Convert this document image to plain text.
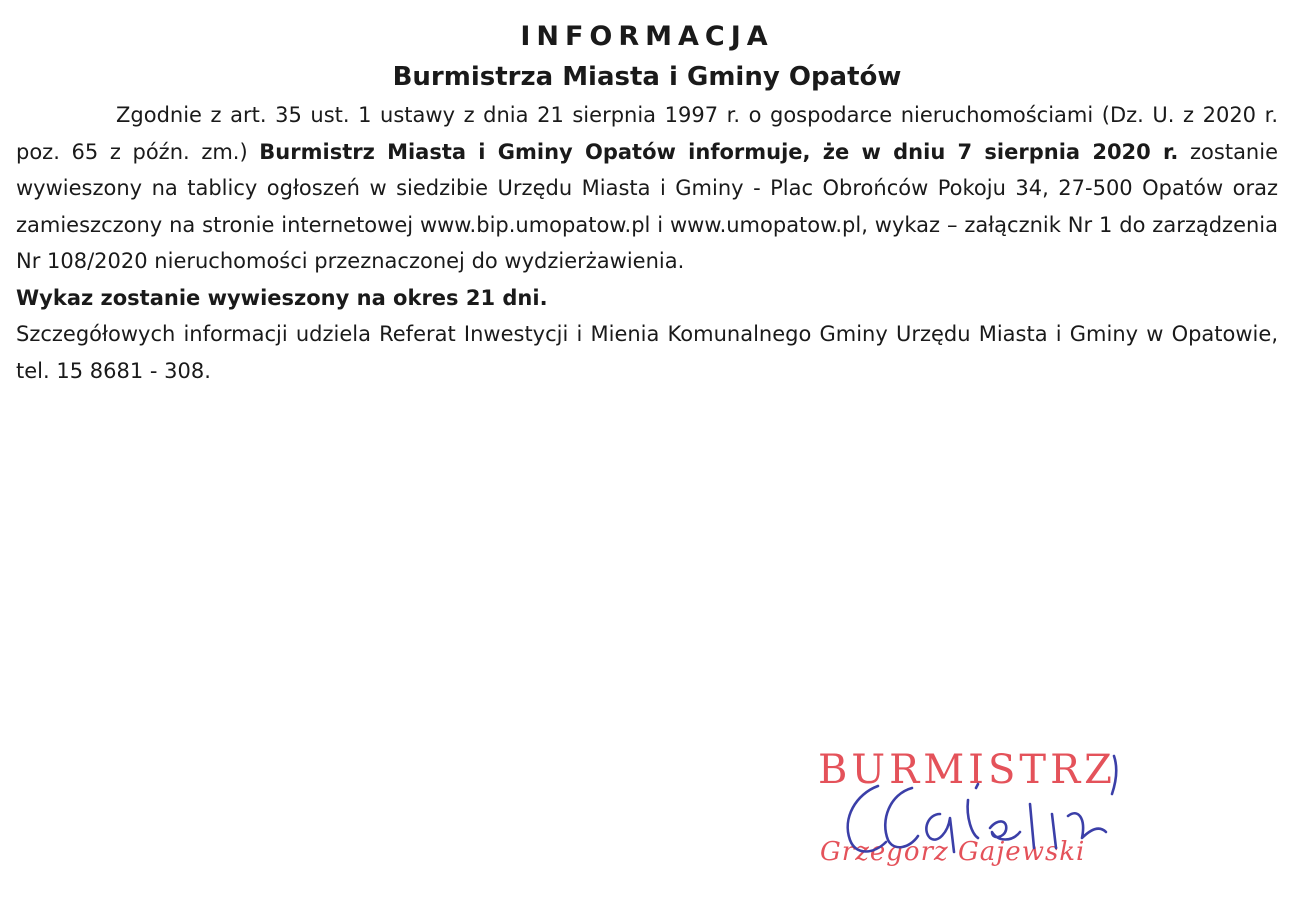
INFORMACJA
Burmistrza Miasta i Gminy Opatów

Zgodnie z art. 35 ust. 1 ustawy z dnia 21 sierpnia 1997 r. o gospodarce nieruchomościami (Dz. U. z 2020 r. poz. 65 z późn. zm.) Burmistrz Miasta i Gminy Opatów informuje, że w dniu 7 sierpnia 2020 r. zostanie wywieszony na tablicy ogłoszeń w siedzibie Urzędu Miasta i Gminy - Plac Obrońców Pokoju 34, 27-500 Opatów oraz zamieszczony na stronie internetowej www.bip.umopatow.pl i www.umopatow.pl, wykaz – załącznik Nr 1 do zarządzenia Nr 108/2020 nieruchomości przeznaczonej do wydzierżawienia.

Wykaz zostanie wywieszony na okres 21 dni.

Szczegółowych informacji udziela Referat Inwestycji i Mienia Komunalnego Gminy Urzędu Miasta i Gminy w Opatowie, tel. 15 8681 - 308.

BURMISTRZ
Grzegorz Gajewski
